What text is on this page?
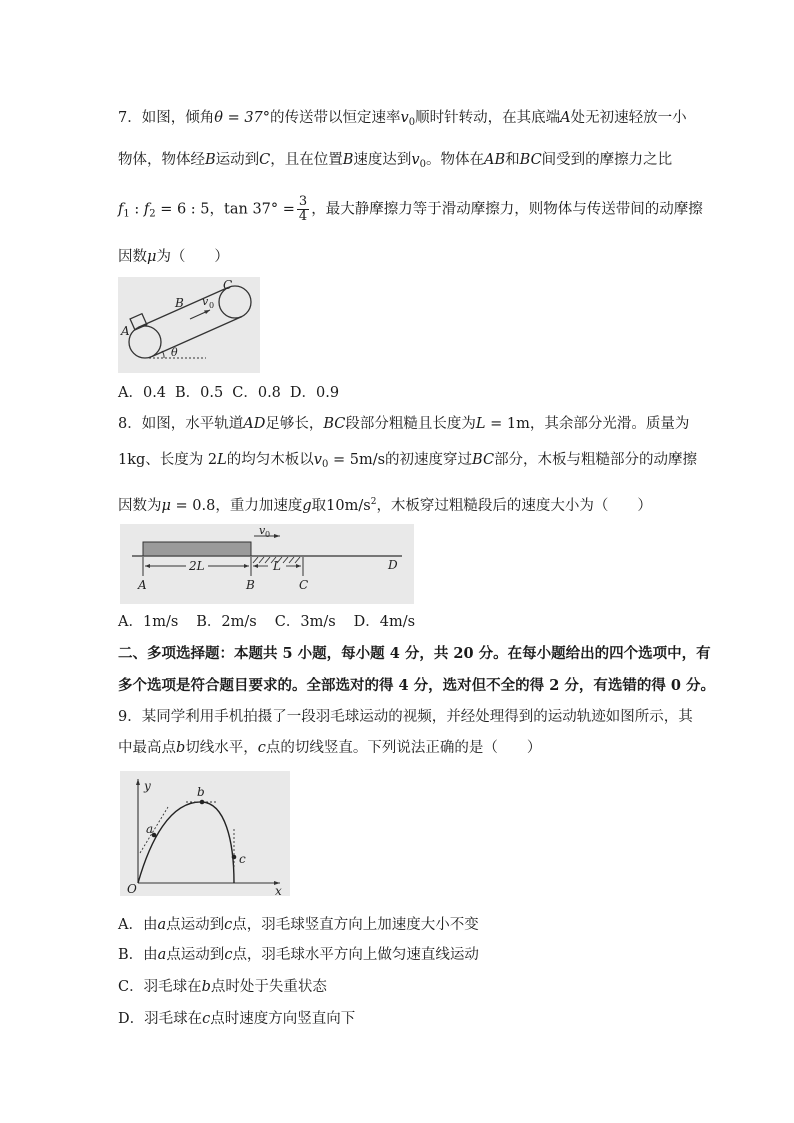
7．如图，倾角θ = 37°的传送带以恒定速率$v_0$顺时针转动，在其底端A处无初速轻放一小
物体，物体经B运动到C，且在位置B速度达到$v_0$。物体在AB和BC间受到的摩擦力之比
$f_1$ : $f_2 = 6$ : 5，$\tan 37^\circ = \frac{3}{4}$ ，最大静摩擦力等于滑动摩擦力，则物体与传送带间的动摩擦
因数μ为（　　）
A
B
C
v 0
θ
A．0.4 B．0.5 C．0.8 D．0.9
8．如图，水平轨道AD足够长，BC段部分粗糙且长度为L = 1m，其余部分光滑。质量为
1kg、长度为 2L的均匀木板以$v_0 = 5m/s$的初速度穿过BC部分，木板与粗糙部分的动摩擦
因数为μ = 0.8，重力加速度g取$10m/s^2$，木板穿过粗糙段后的速度大小为（　　）
2L	L
A	B	C
D
v 0
A．1m/s B．2m/s C．3m/s D．4m/s
二、多项选择题：本题共 5 小题，每小题 4 分，共 20 分。在每小题给出的四个选项中，有
多个选项是符合题目要求的。全部选对的得 4 分，选对但不全的得 2 分，有选错的得 0 分。
9．某同学利用手机拍摄了一段羽毛球运动的视频，并经处理得到的运动轨迹如图所示，其
中最高点b切线水平，c点的切线竖直。下列说法正确的是（　　）
y
x
O
a
b
c
A．由a点运动到c点，羽毛球竖直方向上加速度大小不变
B．由a点运动到c点，羽毛球水平方向上做匀速直线运动
C．羽毛球在b点时处于失重状态
D．羽毛球在c点时速度方向竖直向下
